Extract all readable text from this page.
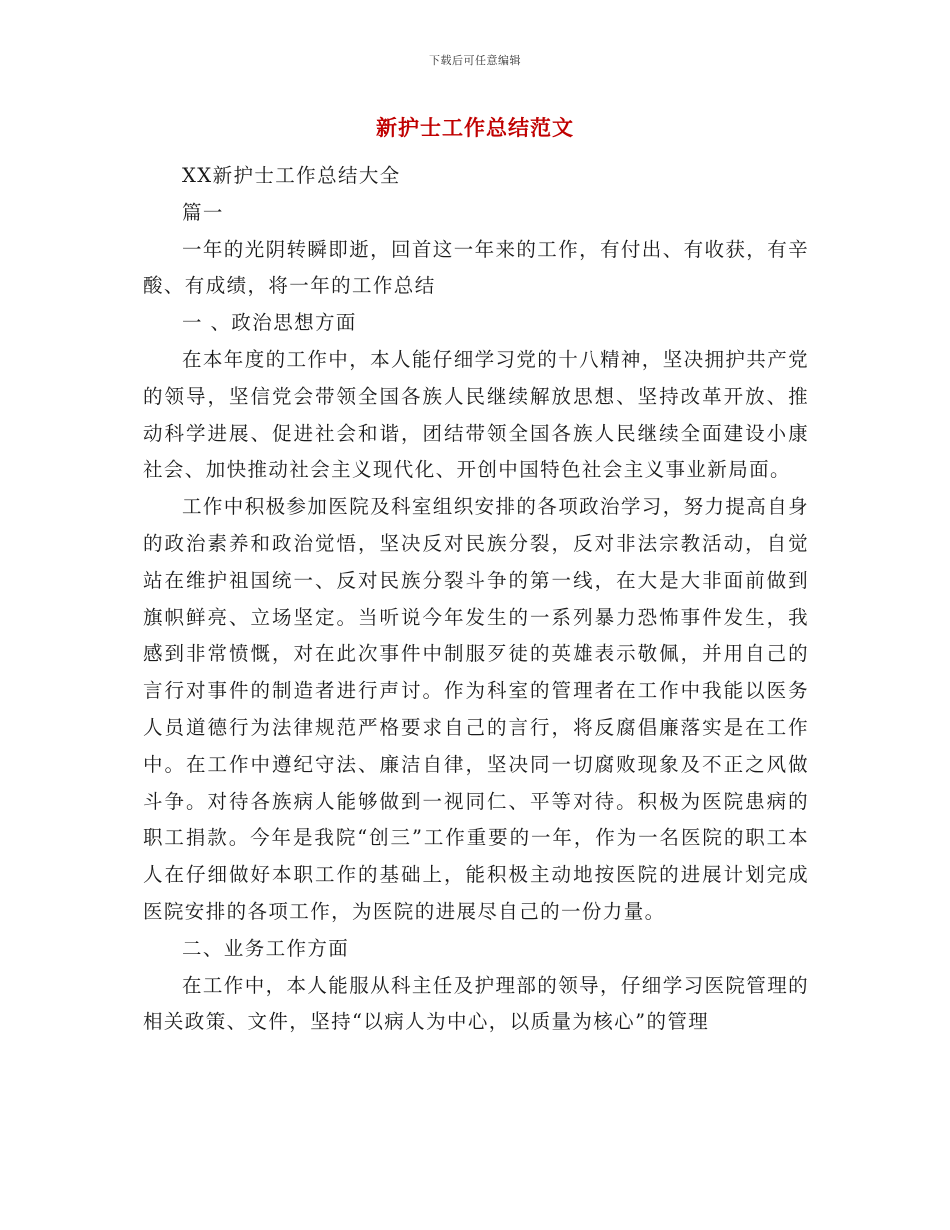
下载后可任意编辑
新护士工作总结范文

XX新护士工作总结大全

篇一

一年的光阴转瞬即逝，回首这一年来的工作，有付出、有收获，有辛酸、有成绩，将一年的工作总结

一 、政治思想方面

在本年度的工作中，本人能仔细学习党的十八精神，坚决拥护共产党的领导，坚信党会带领全国各族人民继续解放思想、坚持改革开放、推动科学进展、促进社会和谐，团结带领全国各族人民继续全面建设小康社会、加快推动社会主义现代化、开创中国特色社会主义事业新局面。

工作中积极参加医院及科室组织安排的各项政治学习，努力提高自身的政治素养和政治觉悟，坚决反对民族分裂，反对非法宗教活动，自觉站在维护祖国统一、反对民族分裂斗争的第一线，在大是大非面前做到旗帜鲜亮、立场坚定。当听说今年发生的一系列暴力恐怖事件发生，我感到非常愤慨，对在此次事件中制服歹徒的英雄表示敬佩，并用自己的言行对事件的制造者进行声讨。作为科室的管理者在工作中我能以医务人员道德行为法律规范严格要求自己的言行，将反腐倡廉落实是在工作中。在工作中遵纪守法、廉洁自律，坚决同一切腐败现象及不正之风做斗争。对待各族病人能够做到一视同仁、平等对待。积极为医院患病的职工捐款。今年是我院“创三”工作重要的一年，作为一名医院的职工本人在仔细做好本职工作的基础上，能积极主动地按医院的进展计划完成医院安排的各项工作，为医院的进展尽自己的一份力量。

二、业务工作方面

在工作中，本人能服从科主任及护理部的领导，仔细学习医院管理的相关政策、文件，坚持“以病人为中心，以质量为核心”的管理
